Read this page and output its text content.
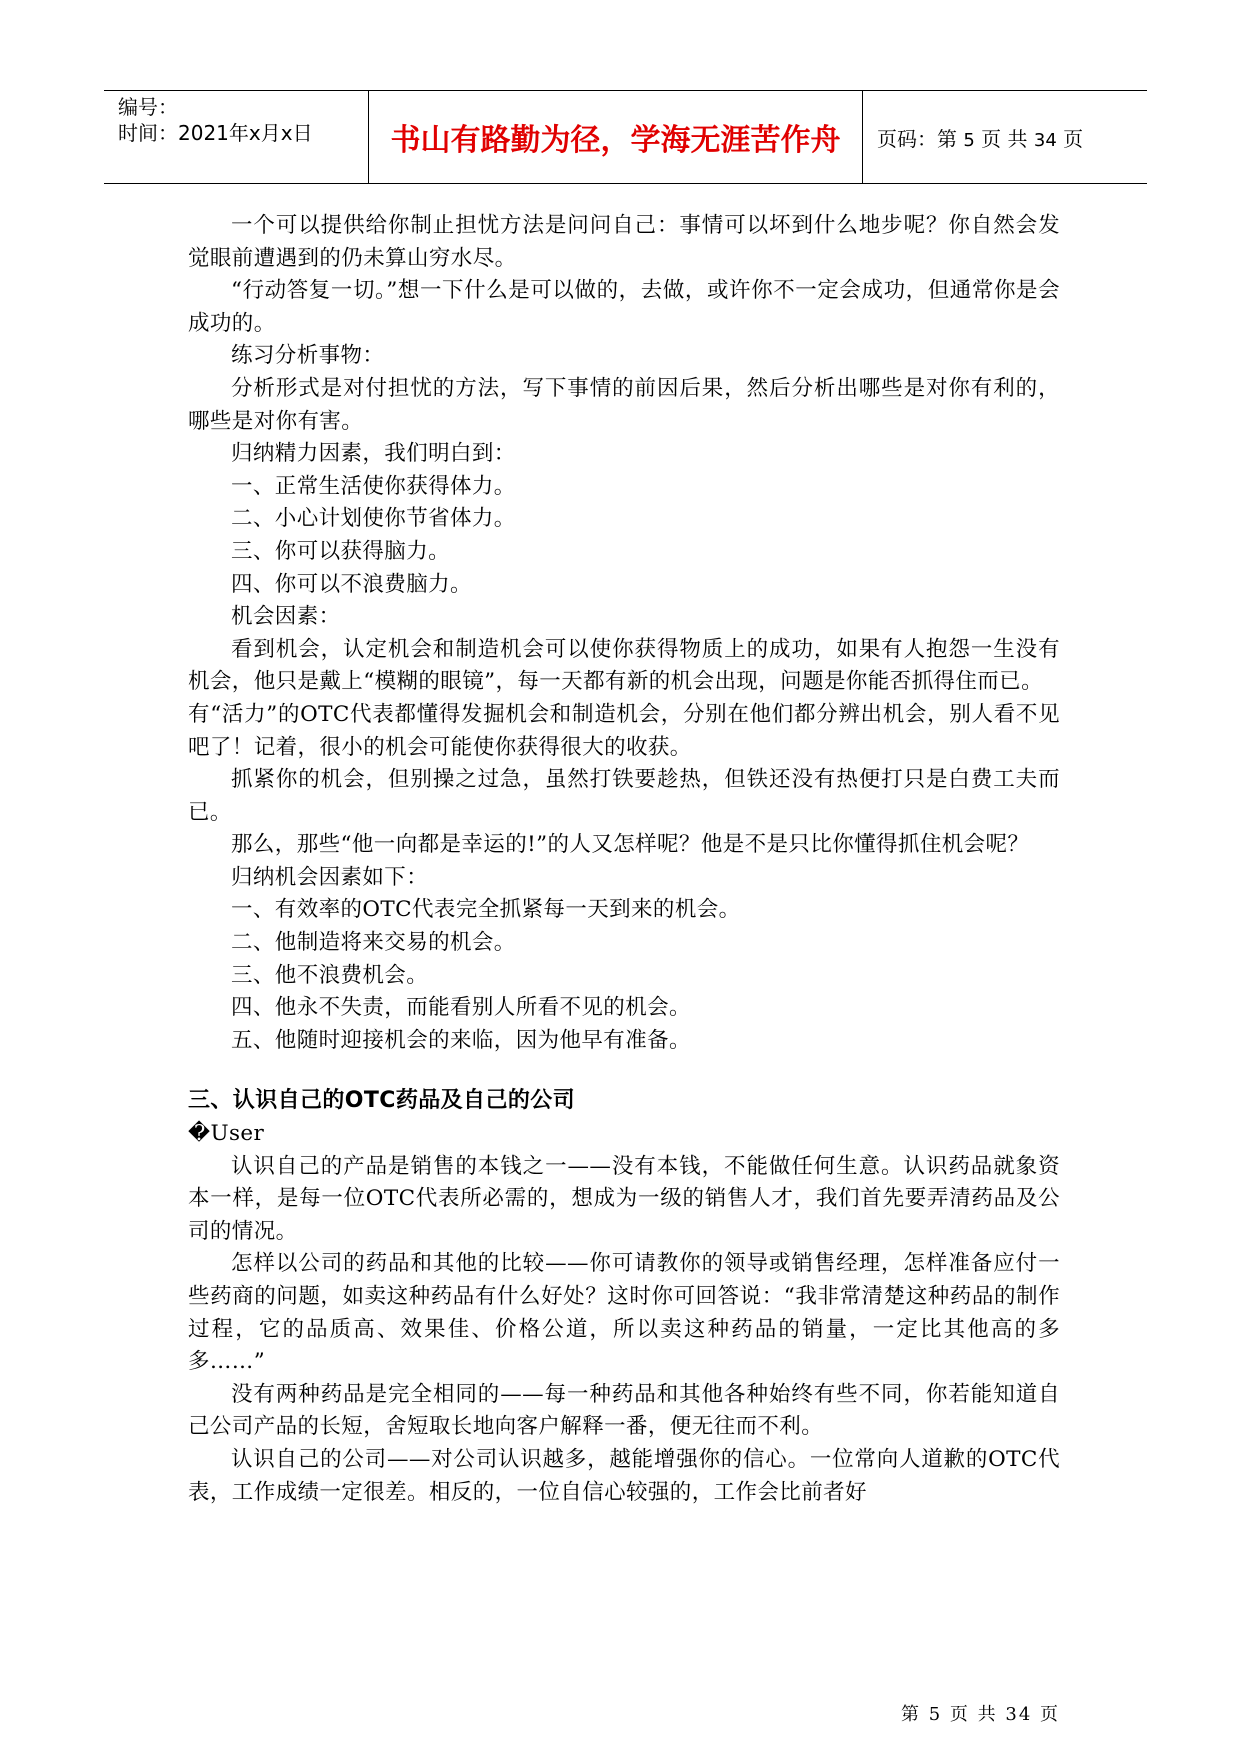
编号：
时间：2021年x月x日	书山有路勤为径，学海无涯苦作舟 页码：第 5 页 共 34 页

一个可以提供给你制止担忧方法是问问自己：事情可以坏到什么地步呢？你自然会发觉眼前遭遇到的仍未算山穷水尽。

“行动答复一切。”想一下什么是可以做的，去做，或许你不一定会成功，但通常你是会成功的。

练习分析事物：

分析形式是对付担忧的方法，写下事情的前因后果，然后分析出哪些是对你有利的，哪些是对你有害。

归纳精力因素，我们明白到：

一、正常生活使你获得体力。

二、小心计划使你节省体力。

三、你可以获得脑力。

四、你可以不浪费脑力。

机会因素：

看到机会，认定机会和制造机会可以使你获得物质上的成功，如果有人抱怨一生没有机会，他只是戴上“模糊的眼镜”，每一天都有新的机会出现，问题是你能否抓得住而已。

有“活力”的OTC代表都懂得发掘机会和制造机会，分别在他们都分辨出机会，别人看不见吧了！记着，很小的机会可能使你获得很大的收获。

抓紧你的机会，但别操之过急，虽然打铁要趁热，但铁还没有热便打只是白费工夫而已。

那么，那些“他一向都是幸运的!”的人又怎样呢？他是不是只比你懂得抓住机会呢？

归纳机会因素如下：

一、有效率的OTC代表完全抓紧每一天到来的机会。

二、他制造将来交易的机会。

三、他不浪费机会。

四、他永不失责，而能看别人所看不见的机会。

五、他随时迎接机会的来临，因为他早有准备。

三、认识自己的OTC药品及自己的公司

�User

认识自己的产品是销售的本钱之一——没有本钱，不能做任何生意。认识药品就象资本一样，是每一位OTC代表所必需的，想成为一级的销售人才，我们首先要弄清药品及公司的情况。

怎样以公司的药品和其他的比较——你可请教你的领导或销售经理，怎样准备应付一些药商的问题，如卖这种药品有什么好处？这时你可回答说：“我非常清楚这种药品的制作过程，它的品质高、效果佳、价格公道，所以卖这种药品的销量，一定比其他高的多多……”

没有两种药品是完全相同的——每一种药品和其他各种始终有些不同，你若能知道自己公司产品的长短，舍短取长地向客户解释一番，便无往而不利。

认识自己的公司——对公司认识越多，越能增强你的信心。一位常向人道歉的OTC代表，工作成绩一定很差。相反的，一位自信心较强的，工作会比前者好

第 5 页 共 34 页
